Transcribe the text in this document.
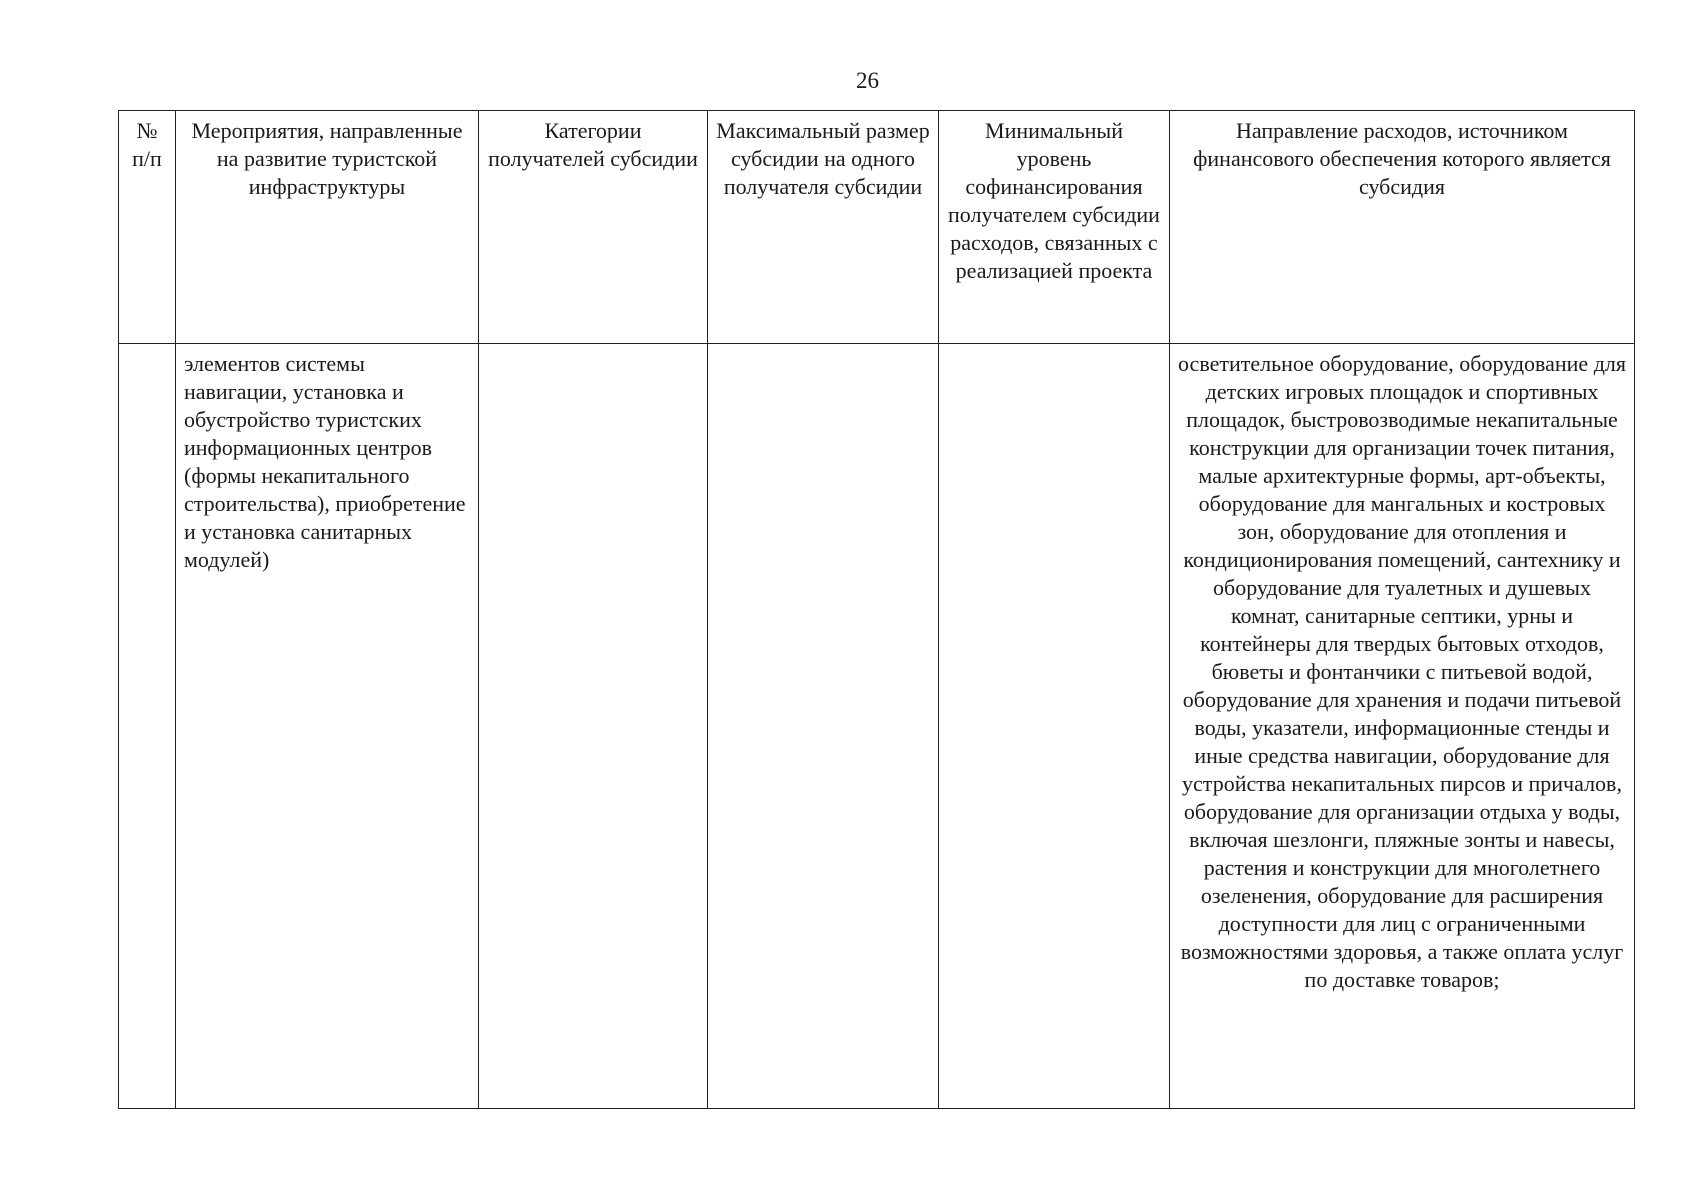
26
№ п/п	Мероприятия, направленные на развитие туристской инфраструктуры	Категории получателей субсидии	Максимальный размер субсидии на одного получателя субсидии	Минимальный уровень софинансирования получателем субсидии расходов, связанных с реализацией проекта	Направление расходов, источником финансового обеспечения которого является субсидия

	элементов системы навигации, установка и обустройство туристских информационных центров (формы некапитального строительства), приобретение и установка санитарных модулей)				осветительное оборудование, оборудование для детских игровых площадок и спортивных площадок, быстровозводимые некапитальные конструкции для организации точек питания, малые архитектурные формы, арт-объекты, оборудование для мангальных и костровых зон, оборудование для отопления и кондиционирования помещений, сантехнику и оборудование для туалетных и душевых комнат, санитарные септики, урны и контейнеры для твердых бытовых отходов, бюветы и фонтанчики с питьевой водой, оборудование для хранения и подачи питьевой воды, указатели, информационные стенды и иные средства навигации, оборудование для устройства некапитальных пирсов и причалов, оборудование для организации отдыха у воды, включая шезлонги, пляжные зонты и навесы, растения и конструкции для многолетнего озеленения, оборудование для расширения доступности для лиц с ограниченными возможностями здоровья, а также оплата услуг по доставке товаров;
